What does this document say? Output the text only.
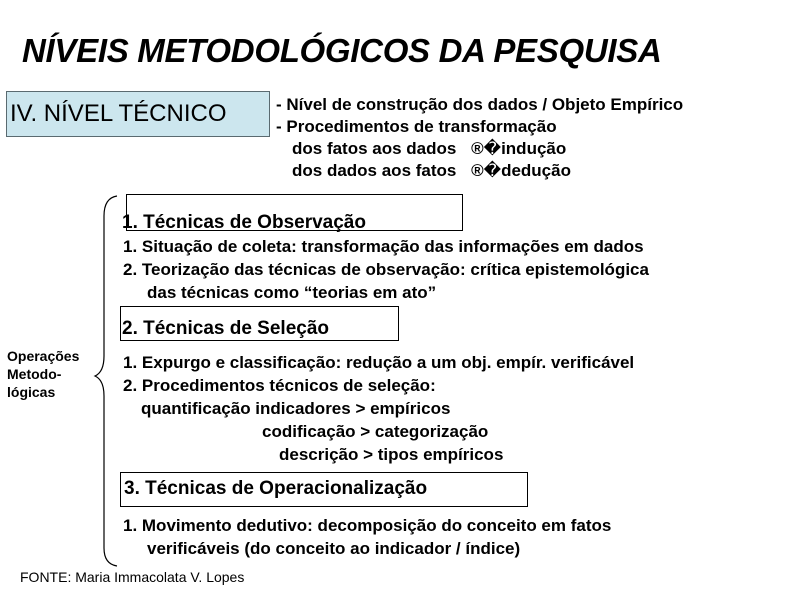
NÍVEIS METODOLÓGICOS DA PESQUISA
IV. NÍVEL TÉCNICO	- Nível de construção dos dados / Objeto Empírico
- Procedimentos de transformação
dos fatos aos dados ®�indução
dos dados aos fatos ®�dedução
Operações
Metodo-
lógicas
1. Técnicas de Observação
1. Situação de coleta: transformação das informações em dados
2. Teorização das técnicas de observação: crítica epistemológica
das técnicas como “teorias em ato”
2. Técnicas de Seleção
1. Expurgo e classificação: redução a um obj. empír. verificável
2. Procedimentos técnicos de seleção:
quantificação indicadores > empíricos
codificação > categorização
descrição > tipos empíricos
3. Técnicas de Operacionalização
1. Movimento dedutivo: decomposição do conceito em fatos
verificáveis (do conceito ao indicador / índice)
FONTE: Maria Immacolata V. Lopes
